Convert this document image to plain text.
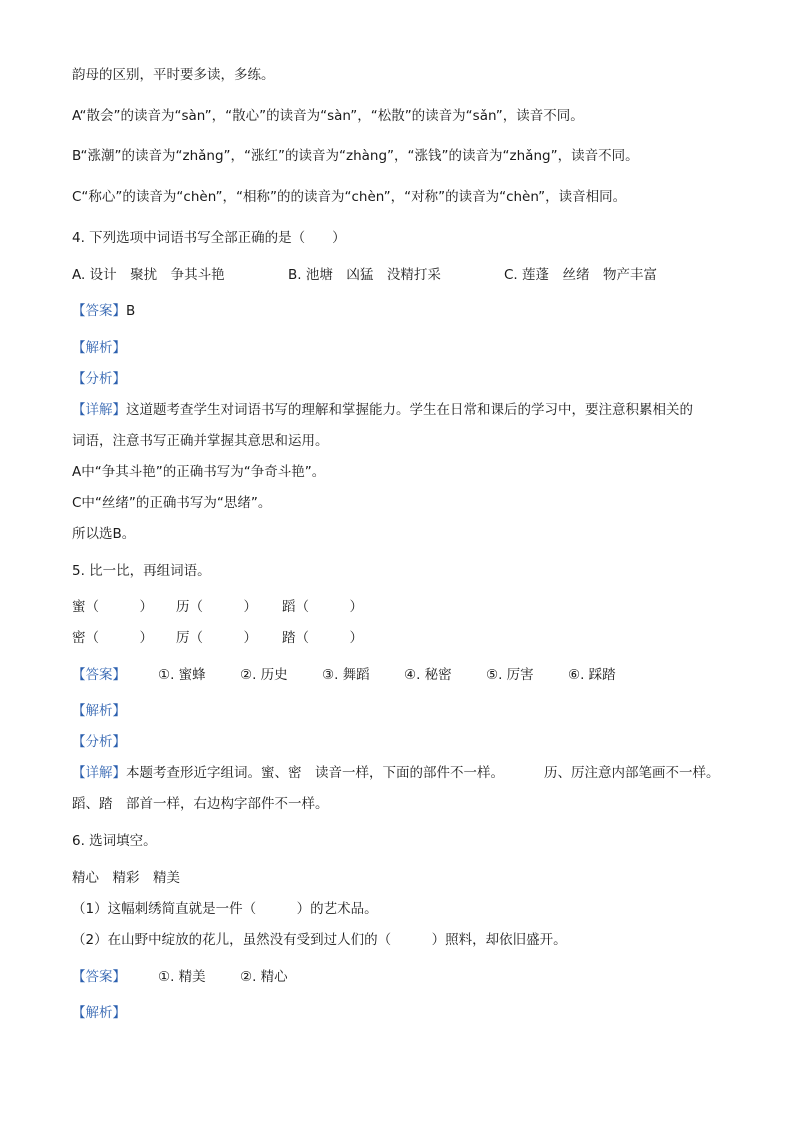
韵母的区别，平时要多读，多练。
A“散会”的读音为“sàn”，“散心”的读音为“sàn”，“松散”的读音为“sǎn”，读音不同。
B“涨潮”的读音为“zhǎng”，“涨红”的读音为“zhàng”，“涨钱”的读音为“zhǎng”，读音不同。
C“称心”的读音为“chèn”，“相称”的的读音为“chèn”，“对称”的读音为“chèn”，读音相同。
4. 下列选项中词语书写全部正确的是（　　）
A. 设计　聚扰　争其斗艳	B. 池塘　凶猛　没精打采	C. 莲蓬　丝绪　物产丰富
【答案】B
【解析】
【分析】
【详解】这道题考查学生对词语书写的理解和掌握能力。学生在日常和课后的学习中，要注意积累相关的
词语，注意书写正确并掌握其意思和运用。
A中“争其斗艳”的正确书写为“争奇斗艳”。
C中“丝绪”的正确书写为“思绪”。
所以选B。
5. 比一比，再组词语。
蜜（　　　） 历（　　　） 蹈（　　　）
密（　　　） 厉（　　　） 踏（　　　）
【答案】 ①. 蜜蜂	②. 历史	③. 舞蹈	④. 秘密	⑤. 厉害	⑥. 踩踏
【解析】
【分析】
【详解】本题考查形近字组词。蜜、密　读音一样，下面的部件不一样。	历、厉注意内部笔画不一样。
蹈、踏　部首一样，右边构字部件不一样。
6. 选词填空。
精心　精彩　精美
（1）这幅刺绣简直就是一件（　　　）的艺术品。
（2）在山野中绽放的花儿，虽然没有受到过人们的（　　　）照料，却依旧盛开。
【答案】 ①. 精美	②. 精心
【解析】
